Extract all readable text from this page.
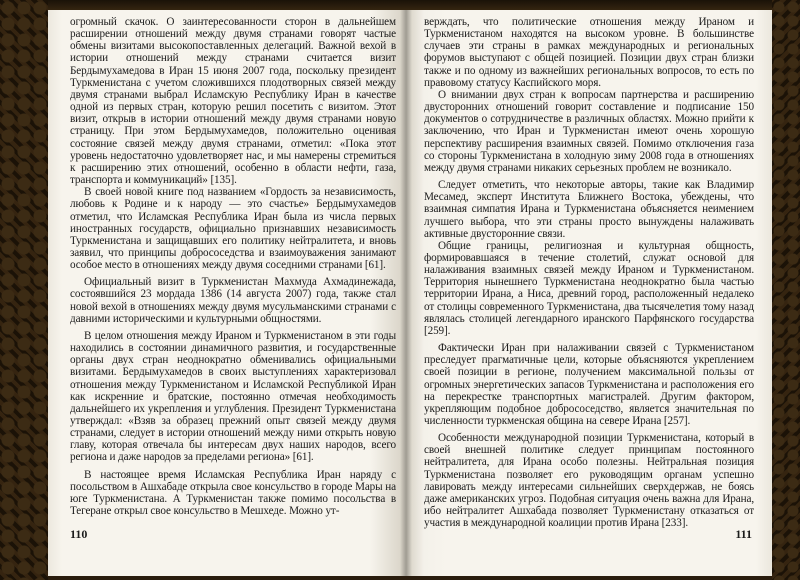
огромный скачок. О заинтересованности сторон в дальнейшем расширении отношений между двумя странами говорят частые обмены визитами высокопоставленных делегаций. Важной вехой в истории отношений между странами считается визит Бердымухамедова в Иран 15 июня 2007 года, поскольку президент Туркменистана с учетом сложившихся плодотворных связей между двумя странами выбрал Исламскую Республику Иран в качестве одной из первых стран, которую решил посетить с визитом. Этот визит, открыв в истории отношений между двумя странами новую страницу. При этом Бердымухамедов, положительно оценивая состояние связей между двумя странами, отметил: «Пока этот уровень недостаточно удовлетворяет нас, и мы намерены стремиться к расширению этих отношений, особенно в области нефти, газа, транспорта и коммуникаций» [135].

В своей новой книге под названием «Гордость за независимость, любовь к Родине и к народу — это счастье» Бердымухамедов отметил, что Исламская Республика Иран была из числа первых иностранных государств, официально признавших независимость Туркменистана и защищавших его политику нейтралитета, и вновь заявил, что принципы добрососедства и взаимоуважения занимают особое место в отношениях между двумя соседними странами [61].

Официальный визит в Туркменистан Махмуда Ахмадинежада, состоявшийся 23 мордада 1386 (14 августа 2007) года, также стал новой вехой в отношениях между двумя мусульманскими странами с давними историческими и культурными общностями.

В целом отношения между Ираном и Туркменистаном в эти годы находились в состоянии динамичного развития, и государственные органы двух стран неоднократно обменивались официальными визитами. Бердымухамедов в своих выступлениях характеризовал отношения между Туркменистаном и Исламской Республикой Иран как искренние и братские, постоянно отмечая необходимость дальнейшего их укрепления и углубления. Президент Туркменистана утверждал: «Взяв за образец прежний опыт связей между двумя странами, следует в истории отношений между ними открыть новую главу, которая отвечала бы интересам двух наших народов, всего региона и даже народов за пределами региона» [61].

В настоящее время Исламская Республика Иран наряду с посольством в Ашхабаде открыла свое консульство в городе Мары на юге Туркменистана. А Туркменистан также помимо посольства в Тегеране открыл свое консульство в Мешхеде. Можно ут-

110

верждать, что политические отношения между Ираном и Туркменистаном находятся на высоком уровне. В большинстве случаев эти страны в рамках международных и региональных форумов выступают с общей позицией. Позиции двух стран близки также и по одному из важнейших региональных вопросов, то есть по правовому статусу Каспийского моря.

О внимании двух стран к вопросам партнерства и расширению двусторонних отношений говорит составление и подписание 150 документов о сотрудничестве в различных областях. Можно прийти к заключению, что Иран и Туркменистан имеют очень хорошую перспективу расширения взаимных связей. Помимо отключения газа со стороны Туркменистана в холодную зиму 2008 года в отношениях между двумя странами никаких серьезных проблем не возникало.

Следует отметить, что некоторые авторы, такие как Владимир Месамед, эксперт Института Ближнего Востока, убеждены, что взаимная симпатия Ирана и Туркменистана объясняется неимением лучшего выбора, что эти страны просто вынуждены налаживать активные двусторонние связи.

Общие границы, религиозная и культурная общность, формировавшаяся в течение столетий, служат основой для налаживания взаимных связей между Ираном и Туркменистаном. Территория нынешнего Туркменистана неоднократно была частью территории Ирана, а Ниса, древний город, расположенный недалеко от столицы современного Туркменистана, два тысячелетия тому назад являлась столицей легендарного иранского Парфянского государства [259].

Фактически Иран при налаживании связей с Туркменистаном преследует прагматичные цели, которые объясняются укреплением своей позиции в регионе, получением максимальной пользы от огромных энергетических запасов Туркменистана и расположения его на перекрестке транспортных магистралей. Другим фактором, укрепляющим подобное добрососедство, является значительная по численности туркменская община на севере Ирана [257].

Особенности международной позиции Туркменистана, который в своей внешней политике следует принципам постоянного нейтралитета, для Ирана особо полезны. Нейтральная позиция Туркменистана позволяет его руководящим органам успешно лавировать между интересами сильнейших сверхдержав, не боясь даже американских угроз. Подобная ситуация очень важна для Ирана, ибо нейтралитет Ашхабада позволяет Туркменистану отказаться от участия в международной коалиции против Ирана [233].

111
